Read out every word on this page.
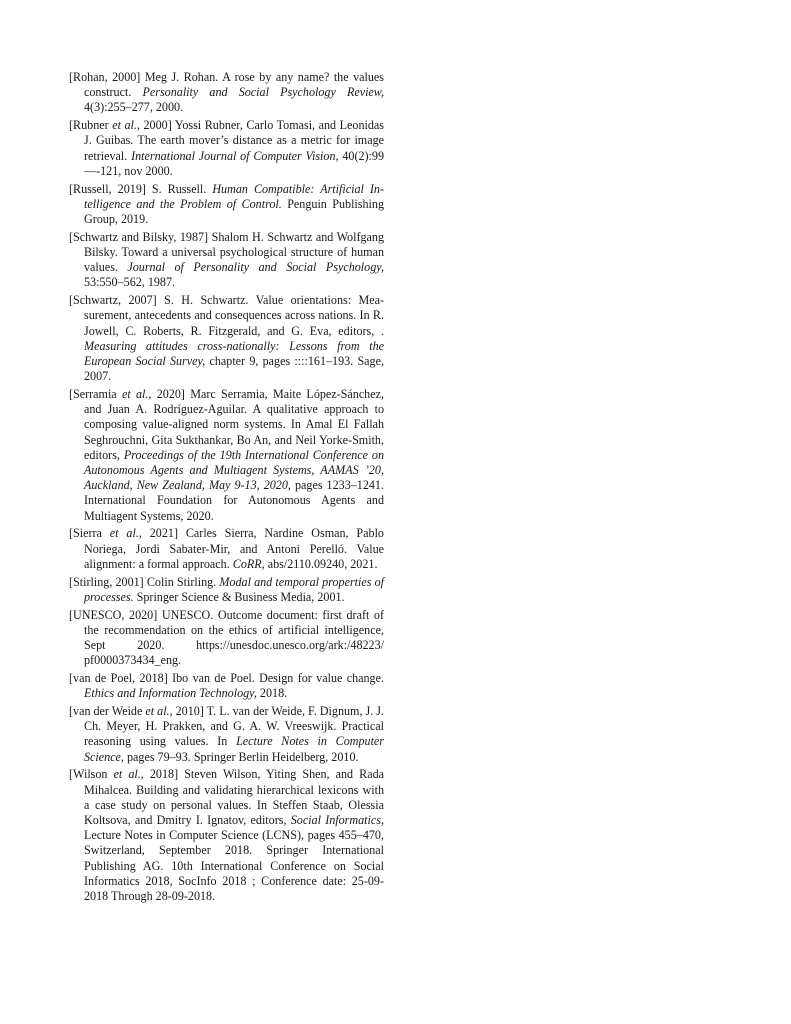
[Rohan, 2000] Meg J. Rohan. A rose by any name? the values construct. Personality and Social Psychology Review, 4(3):255–277, 2000.

[Rubner et al., 2000] Yossi Rubner, Carlo Tomasi, and Leonidas J. Guibas. The earth mover’s distance as a metric for image retrieval. International Journal of Computer Vision, 40(2):99—-121, nov 2000.

[Russell, 2019] S. Russell. Human Compatible: Artificial Intelligence and the Problem of Control. Penguin Publishing Group, 2019.

[Schwartz and Bilsky, 1987] Shalom H. Schwartz and Wolfgang Bilsky. Toward a universal psychological structure of human values. Journal of Personality and Social Psychology, 53:550–562, 1987.

[Schwartz, 2007] S. H. Schwartz. Value orientations: Measurement, antecedents and consequences across nations. In R. Jowell, C. Roberts, R. Fitzgerald, and G. Eva, editors, . Measuring attitudes cross-nationally: Lessons from the European Social Survey, chapter 9, pages ::::161–193. Sage, 2007.

[Serramia et al., 2020] Marc Serramia, Maite López-Sánchez, and Juan A. Rodríguez-Aguilar. A qualitative approach to composing value-aligned norm systems. In Amal El Fallah Seghrouchni, Gita Sukthankar, Bo An, and Neil Yorke-Smith, editors, Proceedings of the 19th International Conference on Autonomous Agents and Multiagent Systems, AAMAS ’20, Auckland, New Zealand, May 9-13, 2020, pages 1233–1241. International Foundation for Autonomous Agents and Multiagent Systems, 2020.

[Sierra et al., 2021] Carles Sierra, Nardine Osman, Pablo Noriega, Jordi Sabater-Mir, and Antoni Perelló. Value alignment: a formal approach. CoRR, abs/2110.09240, 2021.

[Stirling, 2001] Colin Stirling. Modal and temporal properties of processes. Springer Science & Business Media, 2001.

[UNESCO, 2020] UNESCO. Outcome document: first draft of the recommendation on the ethics of artificial intelligence, Sept 2020. https://unesdoc.unesco.org/ark:/48223/ pf0000373434_eng.

[van de Poel, 2018] Ibo van de Poel. Design for value change. Ethics and Information Technology, 2018.

[van der Weide et al., 2010] T. L. van der Weide, F. Dignum, J. J. Ch. Meyer, H. Prakken, and G. A. W. Vreeswijk. Practical reasoning using values. In Lecture Notes in Computer Science, pages 79–93. Springer Berlin Heidelberg, 2010.

[Wilson et al., 2018] Steven Wilson, Yiting Shen, and Rada Mihalcea. Building and validating hierarchical lexicons with a case study on personal values. In Steffen Staab, Olessia Koltsova, and Dmitry I. Ignatov, editors, Social Informatics, Lecture Notes in Computer Science (LCNS), pages 455–470, Switzerland, September 2018. Springer International Publishing AG. 10th International Conference on Social Informatics 2018, SocInfo 2018 ; Conference date: 25-09-2018 Through 28-09-2018.
